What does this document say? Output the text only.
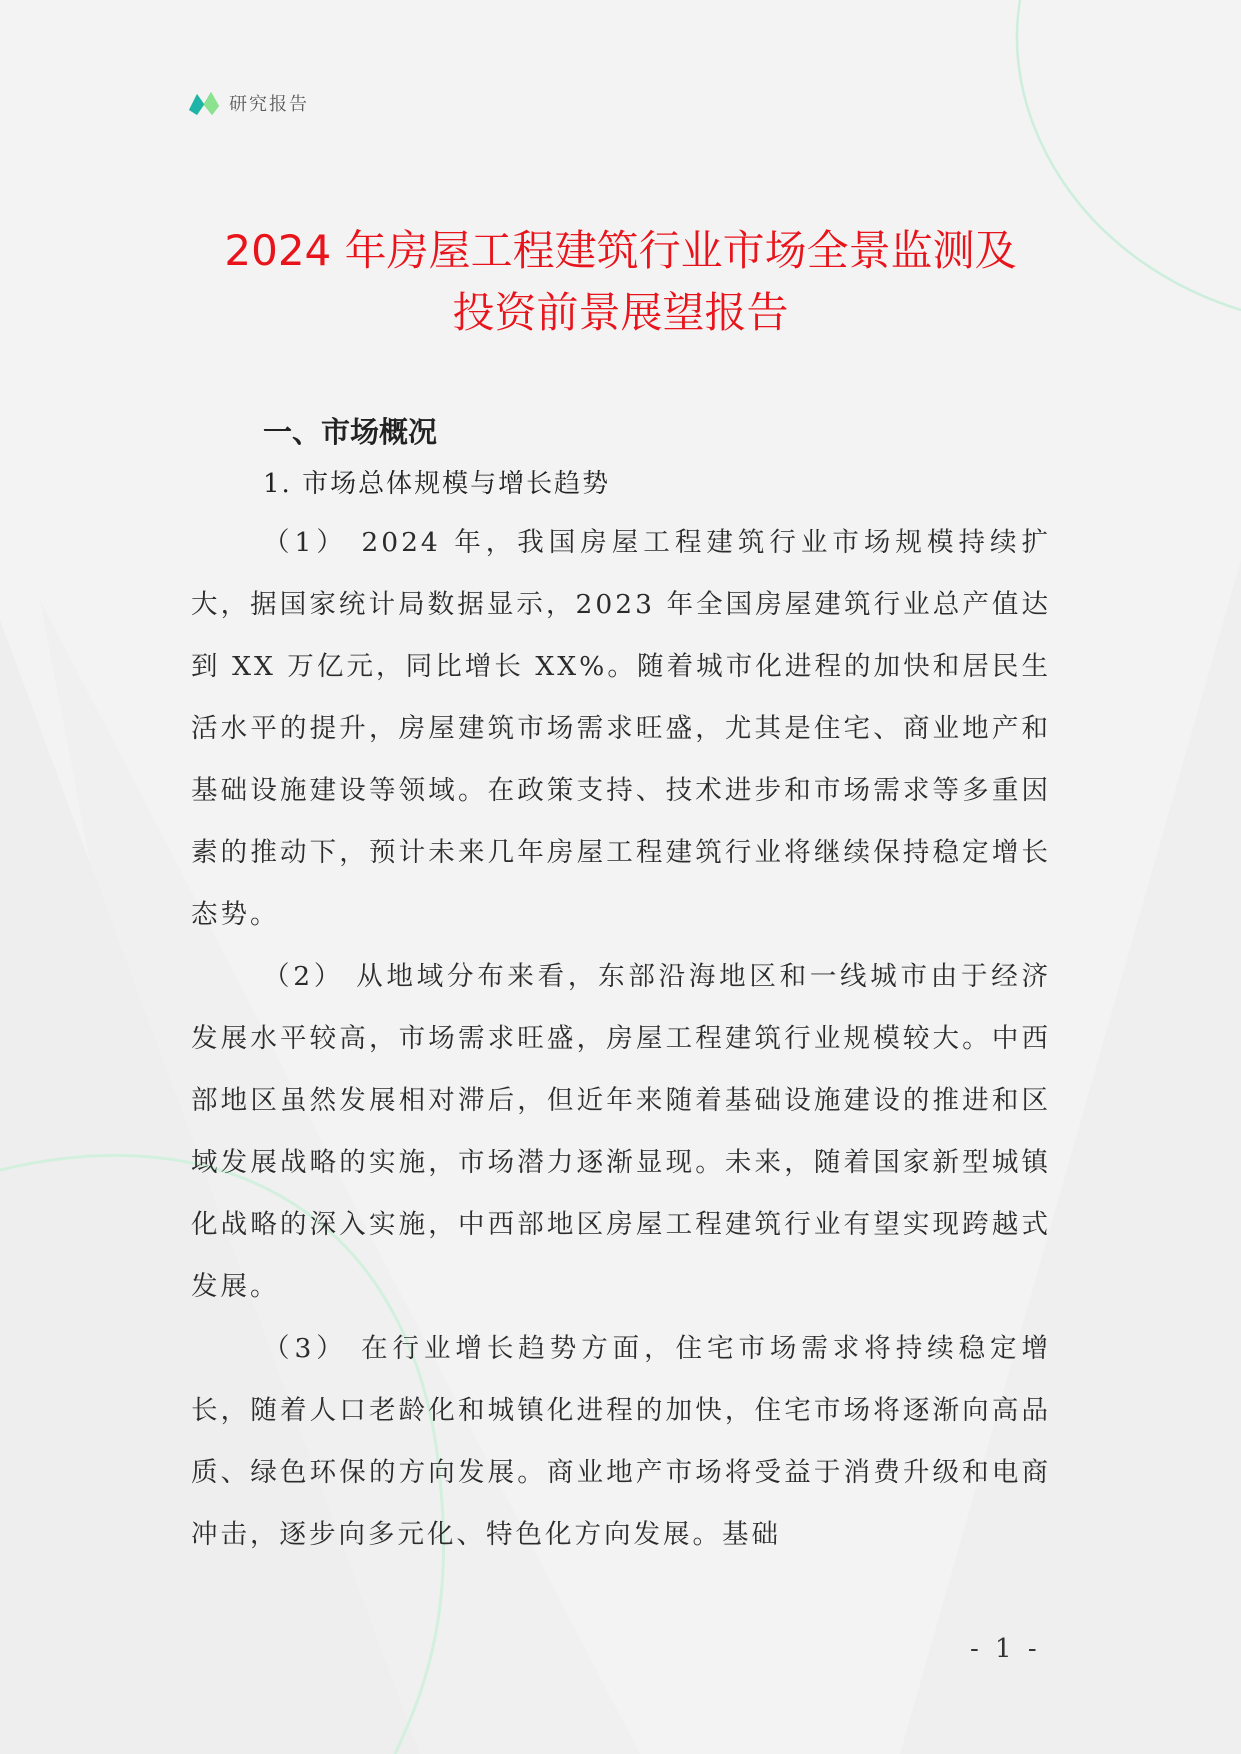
研究报告
2024 年房屋工程建筑行业市场全景监测及
投资前景展望报告
一、市场概况
1. 市场总体规模与增长趋势

（1） 2024 年，我国房屋工程建筑行业市场规模持续扩大，据国家统计局数据显示，2023 年全国房屋建筑行业总产值达到 XX 万亿元，同比增长 XX%。随着城市化进程的加快和居民生活水平的提升，房屋建筑市场需求旺盛，尤其是住宅、商业地产和基础设施建设等领域。在政策支持、技术进步和市场需求等多重因素的推动下，预计未来几年房屋工程建筑行业将继续保持稳定增长态势。

（2） 从地域分布来看，东部沿海地区和一线城市由于经济发展水平较高，市场需求旺盛，房屋工程建筑行业规模较大。中西部地区虽然发展相对滞后，但近年来随着基础设施建设的推进和区域发展战略的实施，市场潜力逐渐显现。未来，随着国家新型城镇化战略的深入实施，中西部地区房屋工程建筑行业有望实现跨越式发展。

（3） 在行业增长趋势方面，住宅市场需求将持续稳定增长，随着人口老龄化和城镇化进程的加快，住宅市场将逐渐向高品质、绿色环保的方向发展。商业地产市场将受益于消费升级和电商冲击，逐步向多元化、特色化方向发展。基础

- 1 -
